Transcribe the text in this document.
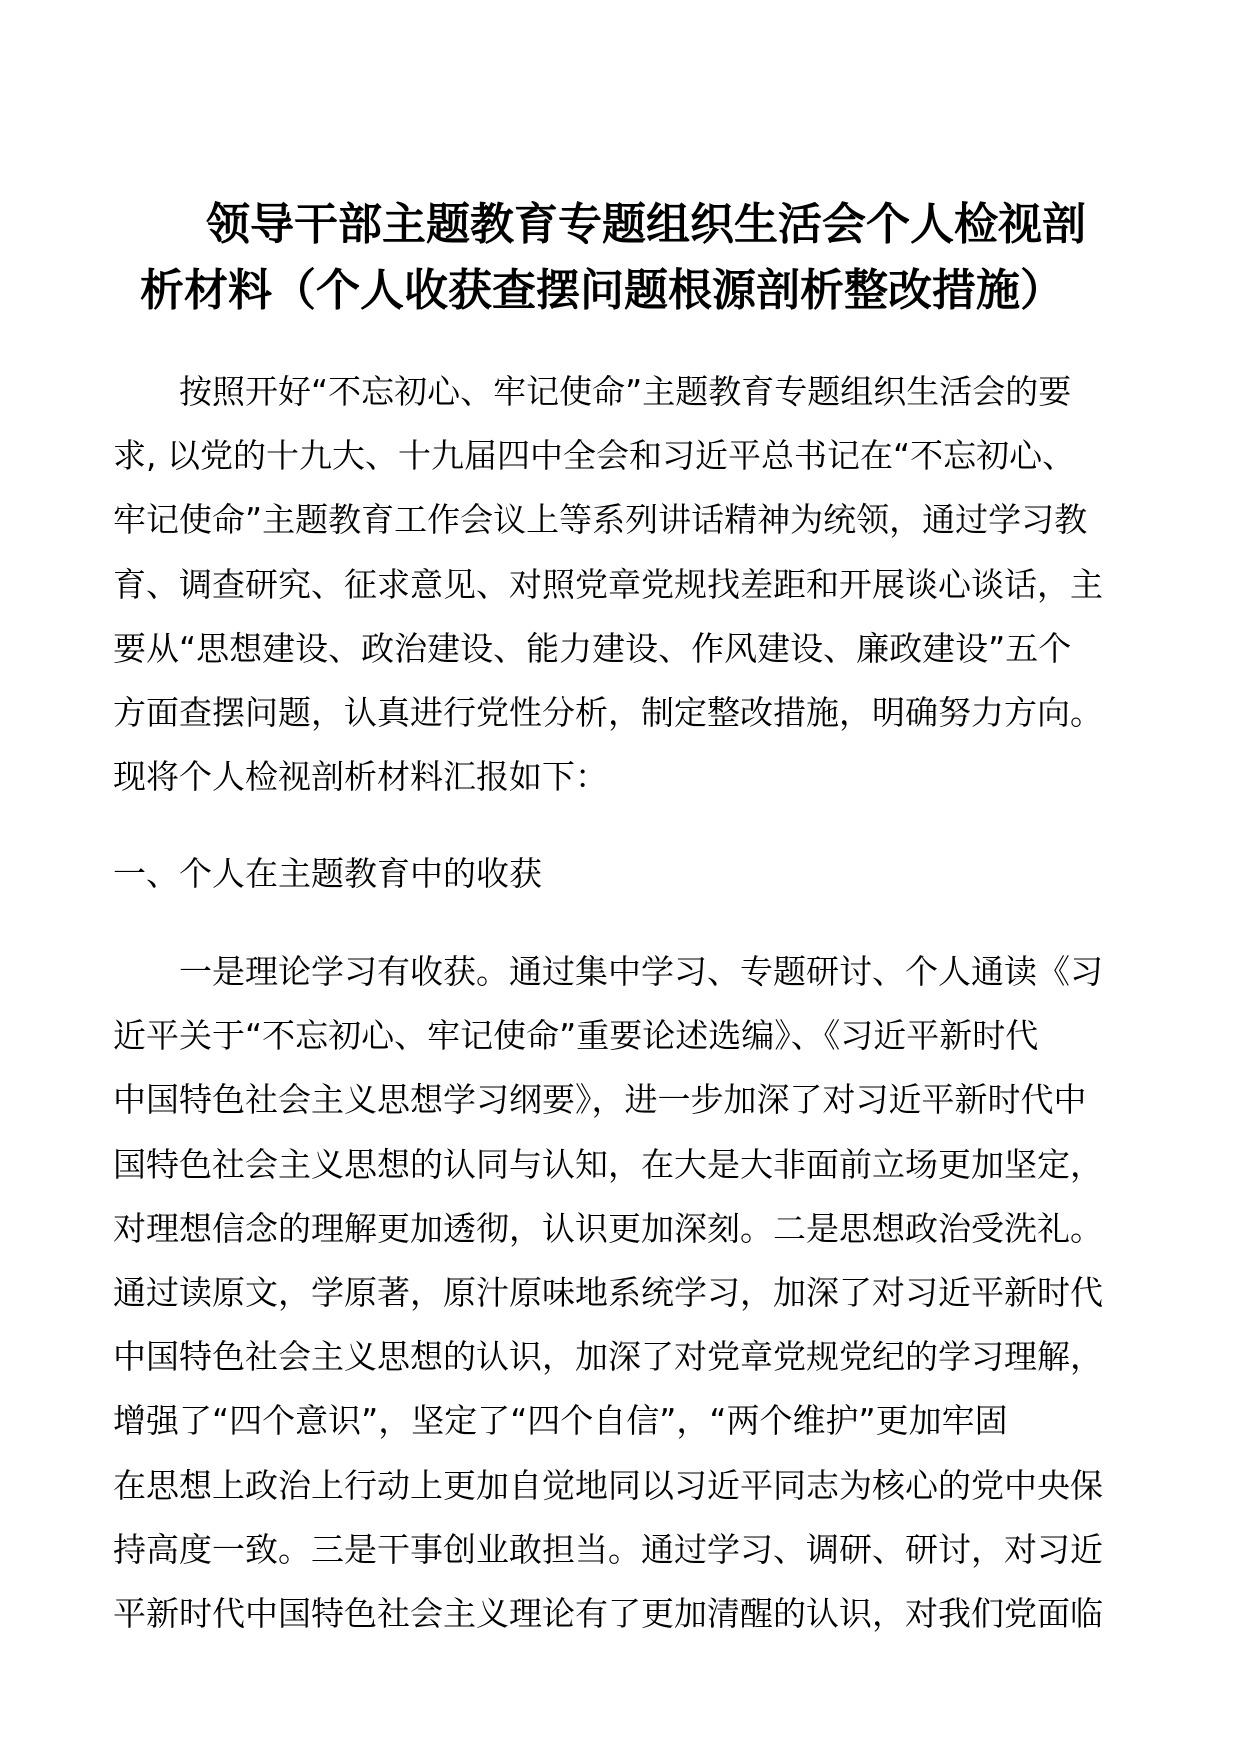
领导干部主题教育专题组织生活会个人检视剖
析材料（个人收获查摆问题根源剖析整改措施）
按照开好“不忘初心、牢记使命”主题教育专题组织生活会的要
求, 以党的十九大、十九届四中全会和习近平总书记在“不忘初心、
牢记使命”主题教育工作会议上等系列讲话精神为统领，通过学习教
育、调查研究、征求意见、对照党章党规找差距和开展谈心谈话，主
要从“思想建设、政治建设、能力建设、作风建设、廉政建设”五个
方面查摆问题，认真进行党性分析，制定整改措施，明确努力方向。
现将个人检视剖析材料汇报如下：
一、个人在主题教育中的收获
一是理论学习有收获。通过集中学习、专题研讨、个人通读《习
近平关于“不忘初心、牢记使命”重要论述选编》、《习近平新时代
中国特色社会主义思想学习纲要》，进一步加深了对习近平新时代中
国特色社会主义思想的认同与认知，在大是大非面前立场更加坚定，
对理想信念的理解更加透彻，认识更加深刻。二是思想政治受洗礼。
通过读原文，学原著，原汁原味地系统学习，加深了对习近平新时代
中国特色社会主义思想的认识，加深了对党章党规党纪的学习理解，
增强了“四个意识”，坚定了“四个自信”，“两个维护”更加牢固
在思想上政治上行动上更加自觉地同以习近平同志为核心的党中央保
持高度一致。三是干事创业敢担当。通过学习、调研、研讨，对习近
平新时代中国特色社会主义理论有了更加清醒的认识，对我们党面临
